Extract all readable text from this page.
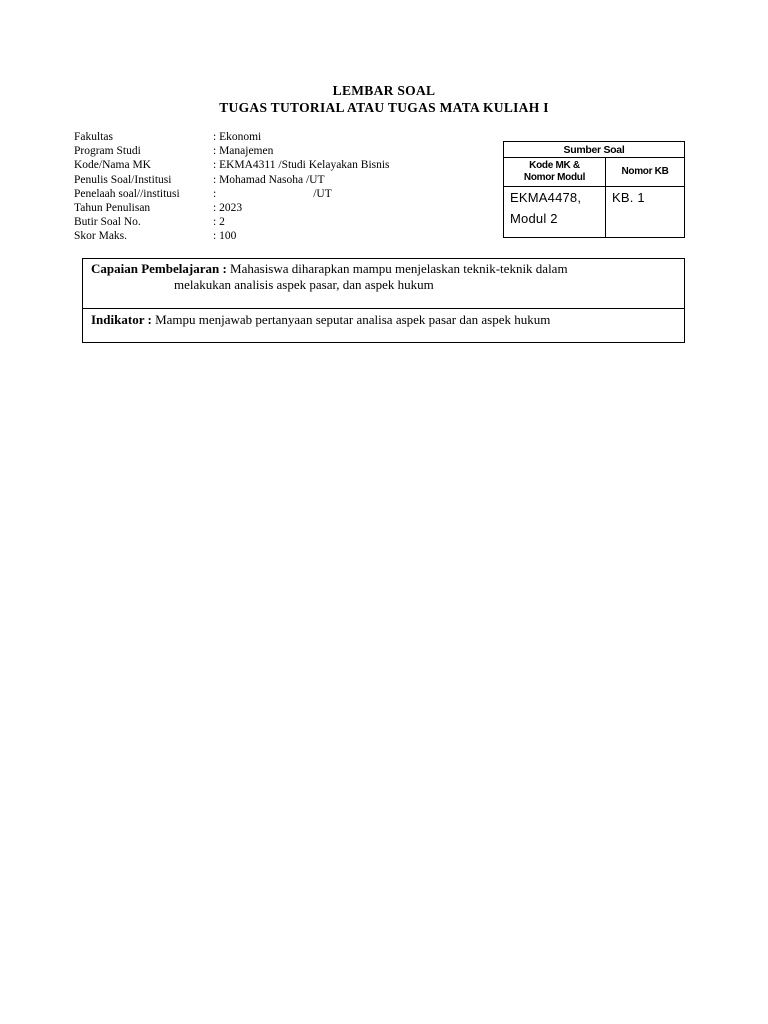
LEMBAR SOAL
TUGAS TUTORIAL ATAU TUGAS MATA KULIAH I
Fakultas	: Ekonomi
Program Studi	: Manajemen
Kode/Nama MK	: EKMA4311 /Studi Kelayakan Bisnis
Penulis Soal/Institusi	: Mohamad Nasoha /UT
Penelaah soal//institusi	:	/UT
Tahun Penulisan	: 2023
Butir Soal No.	: 2
Skor Maks.	: 100
Sumber Soal	

Kode MK &
Nomor Modul	Nomor KB

EKMA4478,
Modul 2	KB. 1
Capaian Pembelajaran : Mahasiswa diharapkan mampu menjelaskan teknik-teknik dalam
melakukan analisis aspek pasar, dan aspek hukum
Indikator : Mampu menjawab pertanyaan seputar analisa aspek pasar dan aspek hukum
